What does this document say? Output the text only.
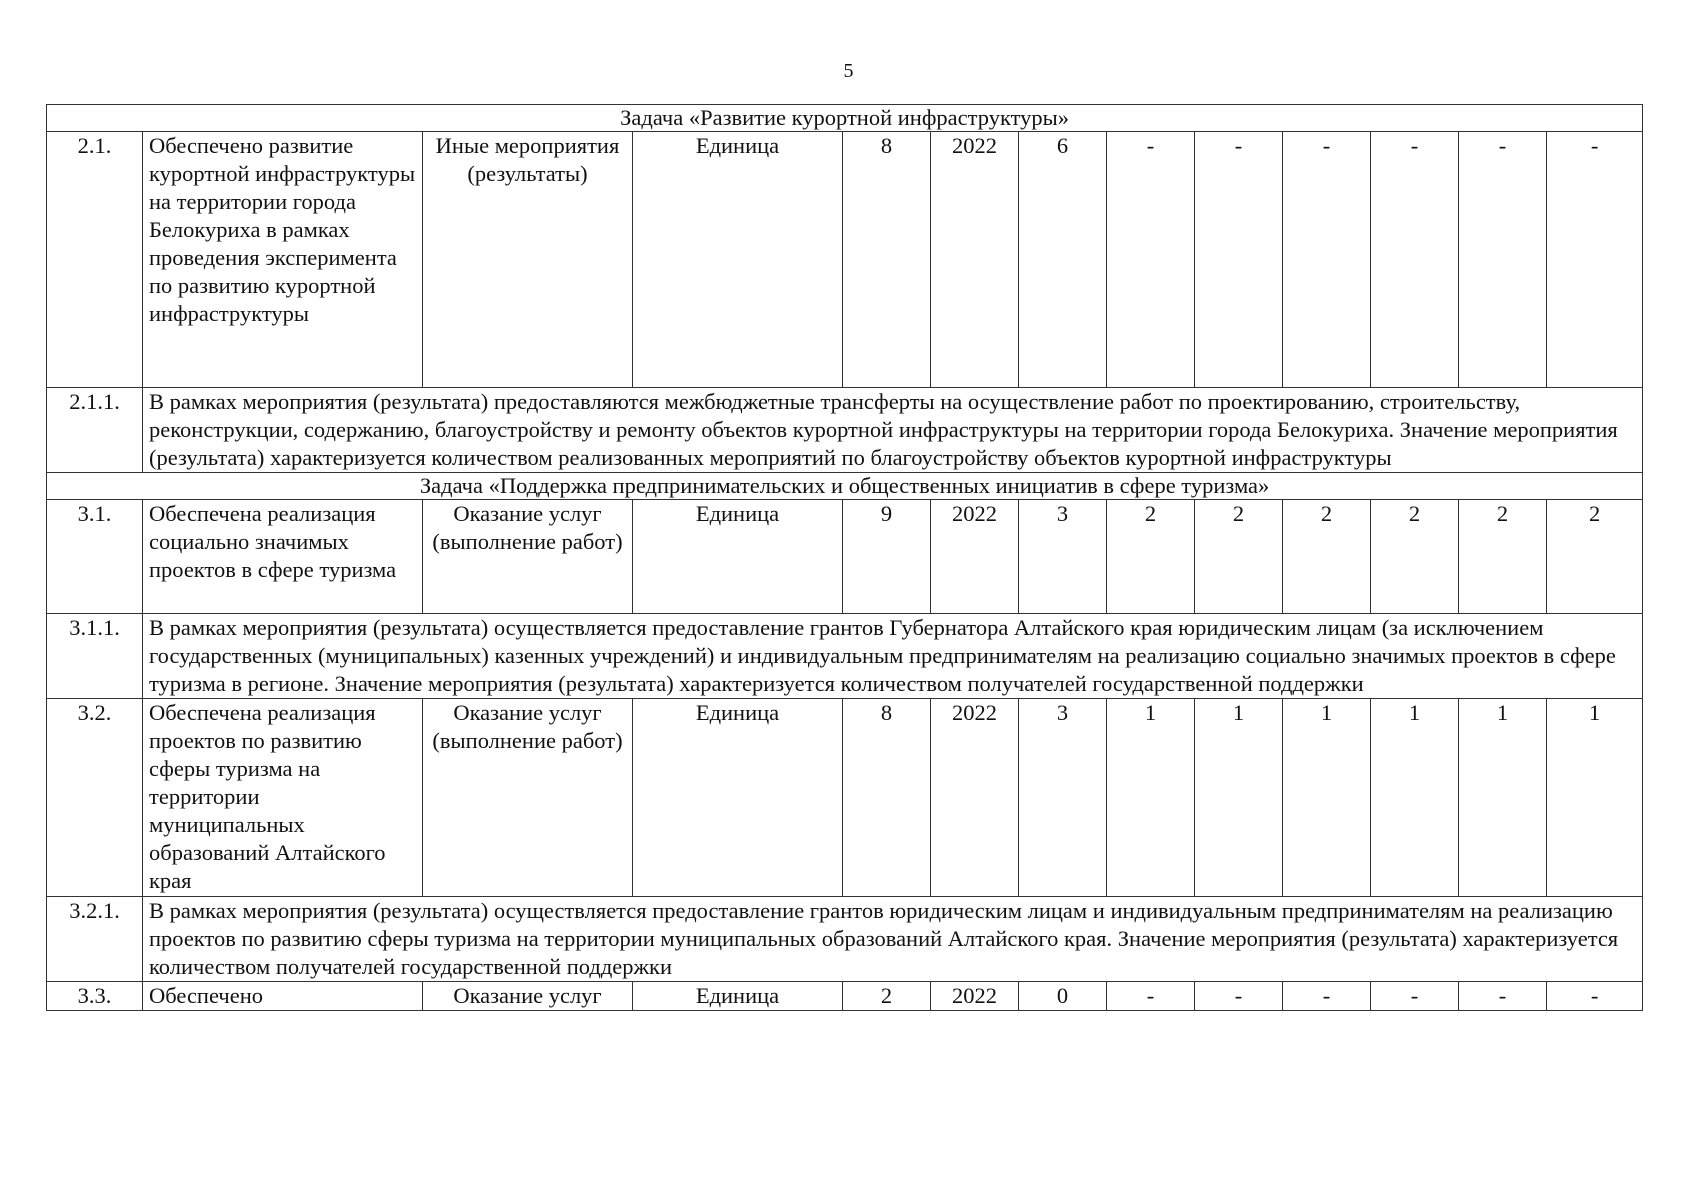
5
Задача «Развитие курортной инфраструктуры»												
2.1.	Обеспечено развитие курортной инфраструктуры на территории города Белокуриха в рамках проведения эксперимента по развитию курортной инфраструктуры	Иные мероприятия (результаты)	Единица	8	2022	6	-	-	-	-	-	-
2.1.1.	В рамках мероприятия (результата) предоставляются межбюджетные трансферты на осуществление работ по проектированию, строительству, реконструкции, содержанию, благоустройству и ремонту объектов курортной инфраструктуры на территории города Белокуриха. Значение мероприятия (результата) характеризуется количеством реализованных мероприятий по благоустройству объектов курортной инфраструктуры											
Задача «Поддержка предпринимательских и общественных инициатив в сфере туризма»												
3.1.	Обеспечена реализация социально значимых проектов в сфере туризма	Оказание услуг (выполнение работ)	Единица	9	2022	3	2	2	2	2	2	2
3.1.1.	В рамках мероприятия (результата) осуществляется предоставление грантов Губернатора Алтайского края юридическим лицам (за исключением государственных (муниципальных) казенных учреждений) и индивидуальным предпринимателям на реализацию социально значимых проектов в сфере туризма в регионе. Значение мероприятия (результата) характеризуется количеством получателей государственной поддержки											
3.2.	Обеспечена реализация проектов по развитию сферы туризма на территории муниципальных образований Алтайского края	Оказание услуг (выполнение работ)	Единица	8	2022	3	1	1	1	1	1	1
3.2.1.	В рамках мероприятия (результата) осуществляется предоставление грантов юридическим лицам и индивидуальным предпринимателям на реализацию проектов по развитию сферы туризма на территории муниципальных образований Алтайского края. Значение мероприятия (результата) характеризуется количеством получателей государственной поддержки											
3.3.	Обеспечено	Оказание услуг	Единица	2	2022	0	-	-	-	-	-	-
